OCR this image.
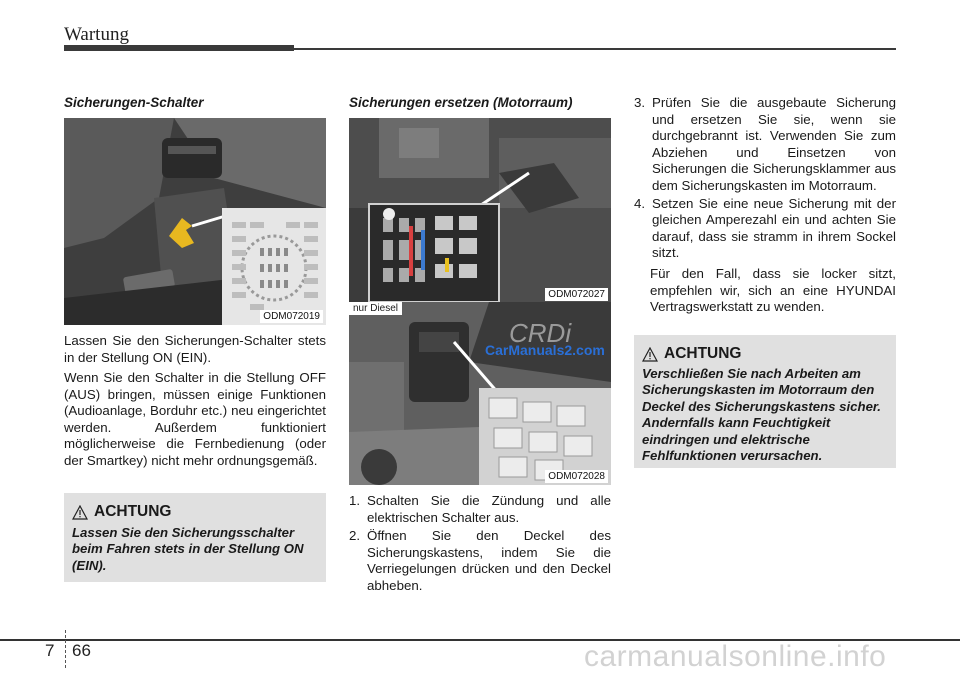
Wartung
Sicherungen-Schalter
ODM072019
Lassen Sie den Sicherungen-Schalter stets in der Stellung ON (EIN).
Wenn Sie den Schalter in die Stellung OFF (AUS) bringen, müssen einige Funktionen (Audioanlage, Borduhr etc.) neu eingerichtet werden. Außerdem funktioniert möglicherweise die Fernbedienung (oder der Smartkey) nicht mehr ordnungsgemäß.
ACHTUNG
Lassen Sie den Sicherungsschalter beim Fahren stets in der Stellung ON (EIN).
Sicherungen ersetzen (Motorraum)
ODM072027
CRDi
nur Diesel
CarManuals2.com
ODM072028
1. Schalten Sie die Zündung und alle elektrischen Schalter aus.
2. Öffnen Sie den Deckel des Sicherungskastens, indem Sie die Verriegelungen drücken und den Deckel abheben.
3. Prüfen Sie die ausgebaute Sicherung und ersetzen Sie sie, wenn sie durchgebrannt ist. Verwenden Sie zum Abziehen und Einsetzen von Sicherungen die Sicherungsklammer aus dem Sicherungskasten im Motorraum.
4. Setzen Sie eine neue Sicherung mit der gleichen Amperezahl ein und achten Sie darauf, dass sie stramm in ihrem Sockel sitzt.
Für den Fall, dass sie locker sitzt, empfehlen wir, sich an eine HYUNDAI Vertragswerkstatt zu wenden.
ACHTUNG
Verschließen Sie nach Arbeiten am Sicherungskasten im Motorraum den Deckel des Sicherungskastens sicher. Andernfalls kann Feuchtigkeit eindringen und elektrische Fehlfunktionen verursachen.
7 66	carmanualsonline.info
